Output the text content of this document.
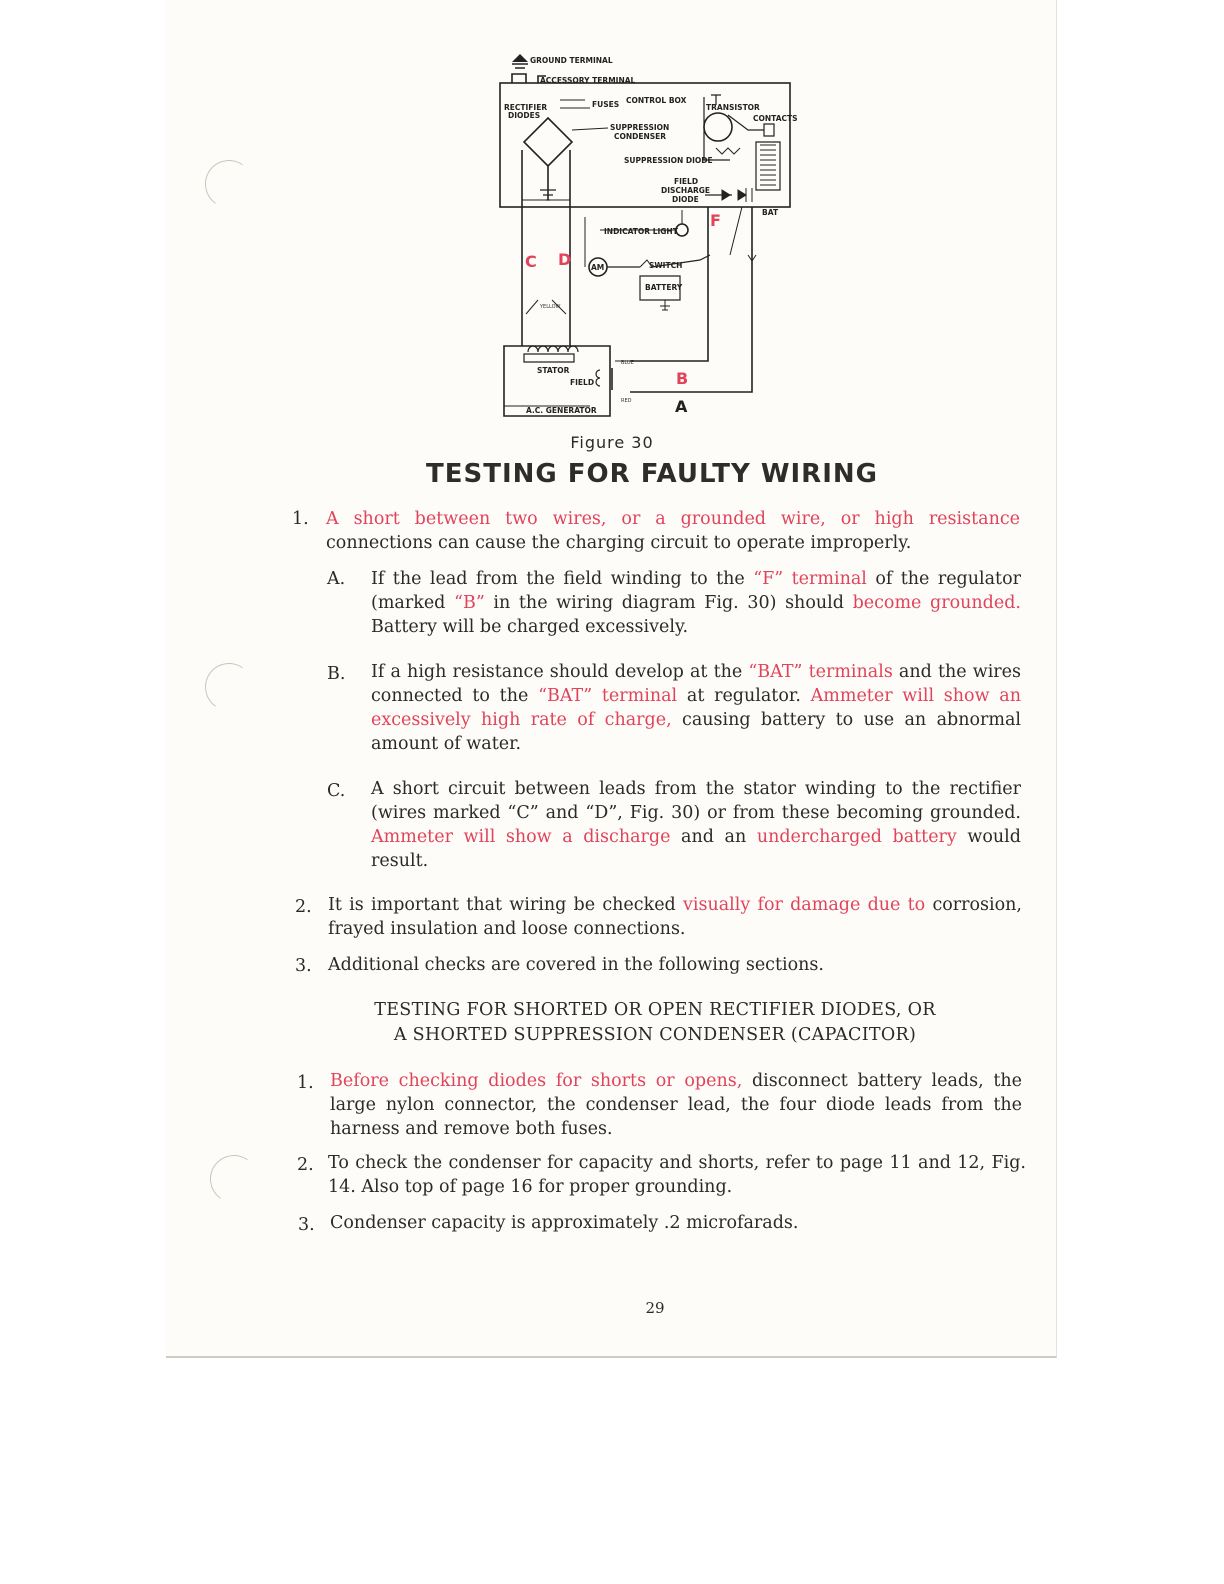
GROUND TERMINAL
ACCESSORY TERMINAL
RECTIFIER
DIODES
FUSES CONTROL BOX
TRANSISTOR
CONTACTS
SUPPRESSION
CONDENSER
SUPPRESSION DIODE
FIELD
DISCHARGE
DIODE
BAT
INDICATOR LIGHT
SWITCH
BATTERY
AM
YELLOW
BLUE
RED
STATOR
FIELD
A.C. GENERATOR
C D
F
B
A
Figure 30
TESTING FOR FAULTY WIRING
1. A short between two wires, or a grounded wire, or high resistance connections can cause the charging circuit to operate improperly.
A. If the lead from the field winding to the “F” terminal of the regulator (marked “B” in the wiring diagram Fig. 30) should become grounded. Battery will be charged excessively.
B. If a high resistance should develop at the “BAT” terminals and the wires connected to the “BAT” terminal at regulator. Ammeter will show an excessively high rate of charge, causing battery to use an abnormal amount of water.
C. A short circuit between leads from the stator winding to the rectifier (wires marked “C” and “D”, Fig. 30) or from these becoming grounded. Ammeter will show a discharge and an undercharged battery would result.
2. It is important that wiring be checked visually for damage due to corrosion, frayed insulation and loose connections.
3. Additional checks are covered in the following sections.
TESTING FOR SHORTED OR OPEN RECTIFIER DIODES, OR
A SHORTED SUPPRESSION CONDENSER (CAPACITOR)
1. Before checking diodes for shorts or opens, disconnect battery leads, the large nylon connector, the condenser lead, the four diode leads from the harness and remove both fuses.
2. To check the condenser for capacity and shorts, refer to page 11 and 12, Fig. 14. Also top of page 16 for proper grounding.
3. Condenser capacity is approximately .2 microfarads.
29
